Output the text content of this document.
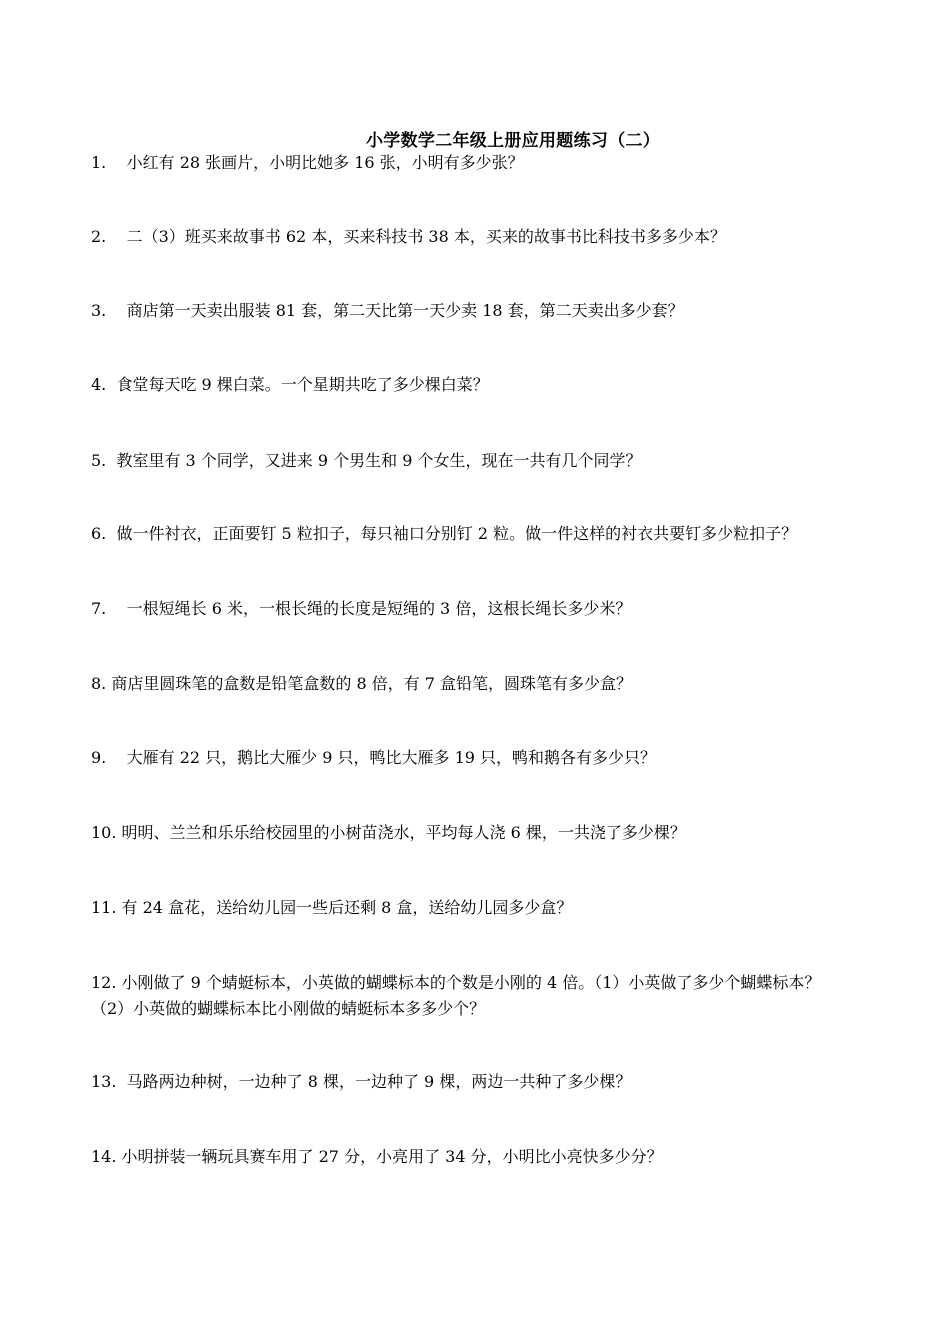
小学数学二年级上册应用题练习（二）
1.    小红有 28 张画片，小明比她多 16 张，小明有多少张？
2.    二（3）班买来故事书 62 本，买来科技书 38 本，买来的故事书比科技书多多少本？
3.    商店第一天卖出服装 81 套，第二天比第一天少卖 18 套，第二天卖出多少套？
4.  食堂每天吃 9 棵白菜。一个星期共吃了多少棵白菜？
5.  教室里有 3 个同学，又进来 9 个男生和 9 个女生，现在一共有几个同学？
6.  做一件衬衣，正面要钉 5 粒扣子，每只袖口分别钉 2 粒。做一件这样的衬衣共要钉多少粒扣子？
7.    一根短绳长 6 米，一根长绳的长度是短绳的 3 倍，这根长绳长多少米？
8. 商店里圆珠笔的盒数是铅笔盒数的 8 倍，有 7 盒铅笔，圆珠笔有多少盒？
9.    大雁有 22 只，鹅比大雁少 9 只，鸭比大雁多 19 只，鸭和鹅各有多少只？
10. 明明、兰兰和乐乐给校园里的小树苗浇水，平均每人浇 6 棵，一共浇了多少棵？
11. 有 24 盒花，送给幼儿园一些后还剩 8 盒，送给幼儿园多少盒？
12. 小刚做了 9 个蜻蜓标本，小英做的蝴蝶标本的个数是小刚的 4 倍。（1）小英做了多少个蝴蝶标本？    （2）小英做的蝴蝶标本比小刚做的蜻蜓标本多多少个？
13.  马路两边种树，一边种了 8 棵，一边种了 9 棵，两边一共种了多少棵？
14. 小明拼装一辆玩具赛车用了 27 分，小亮用了 34 分，小明比小亮快多少分？
